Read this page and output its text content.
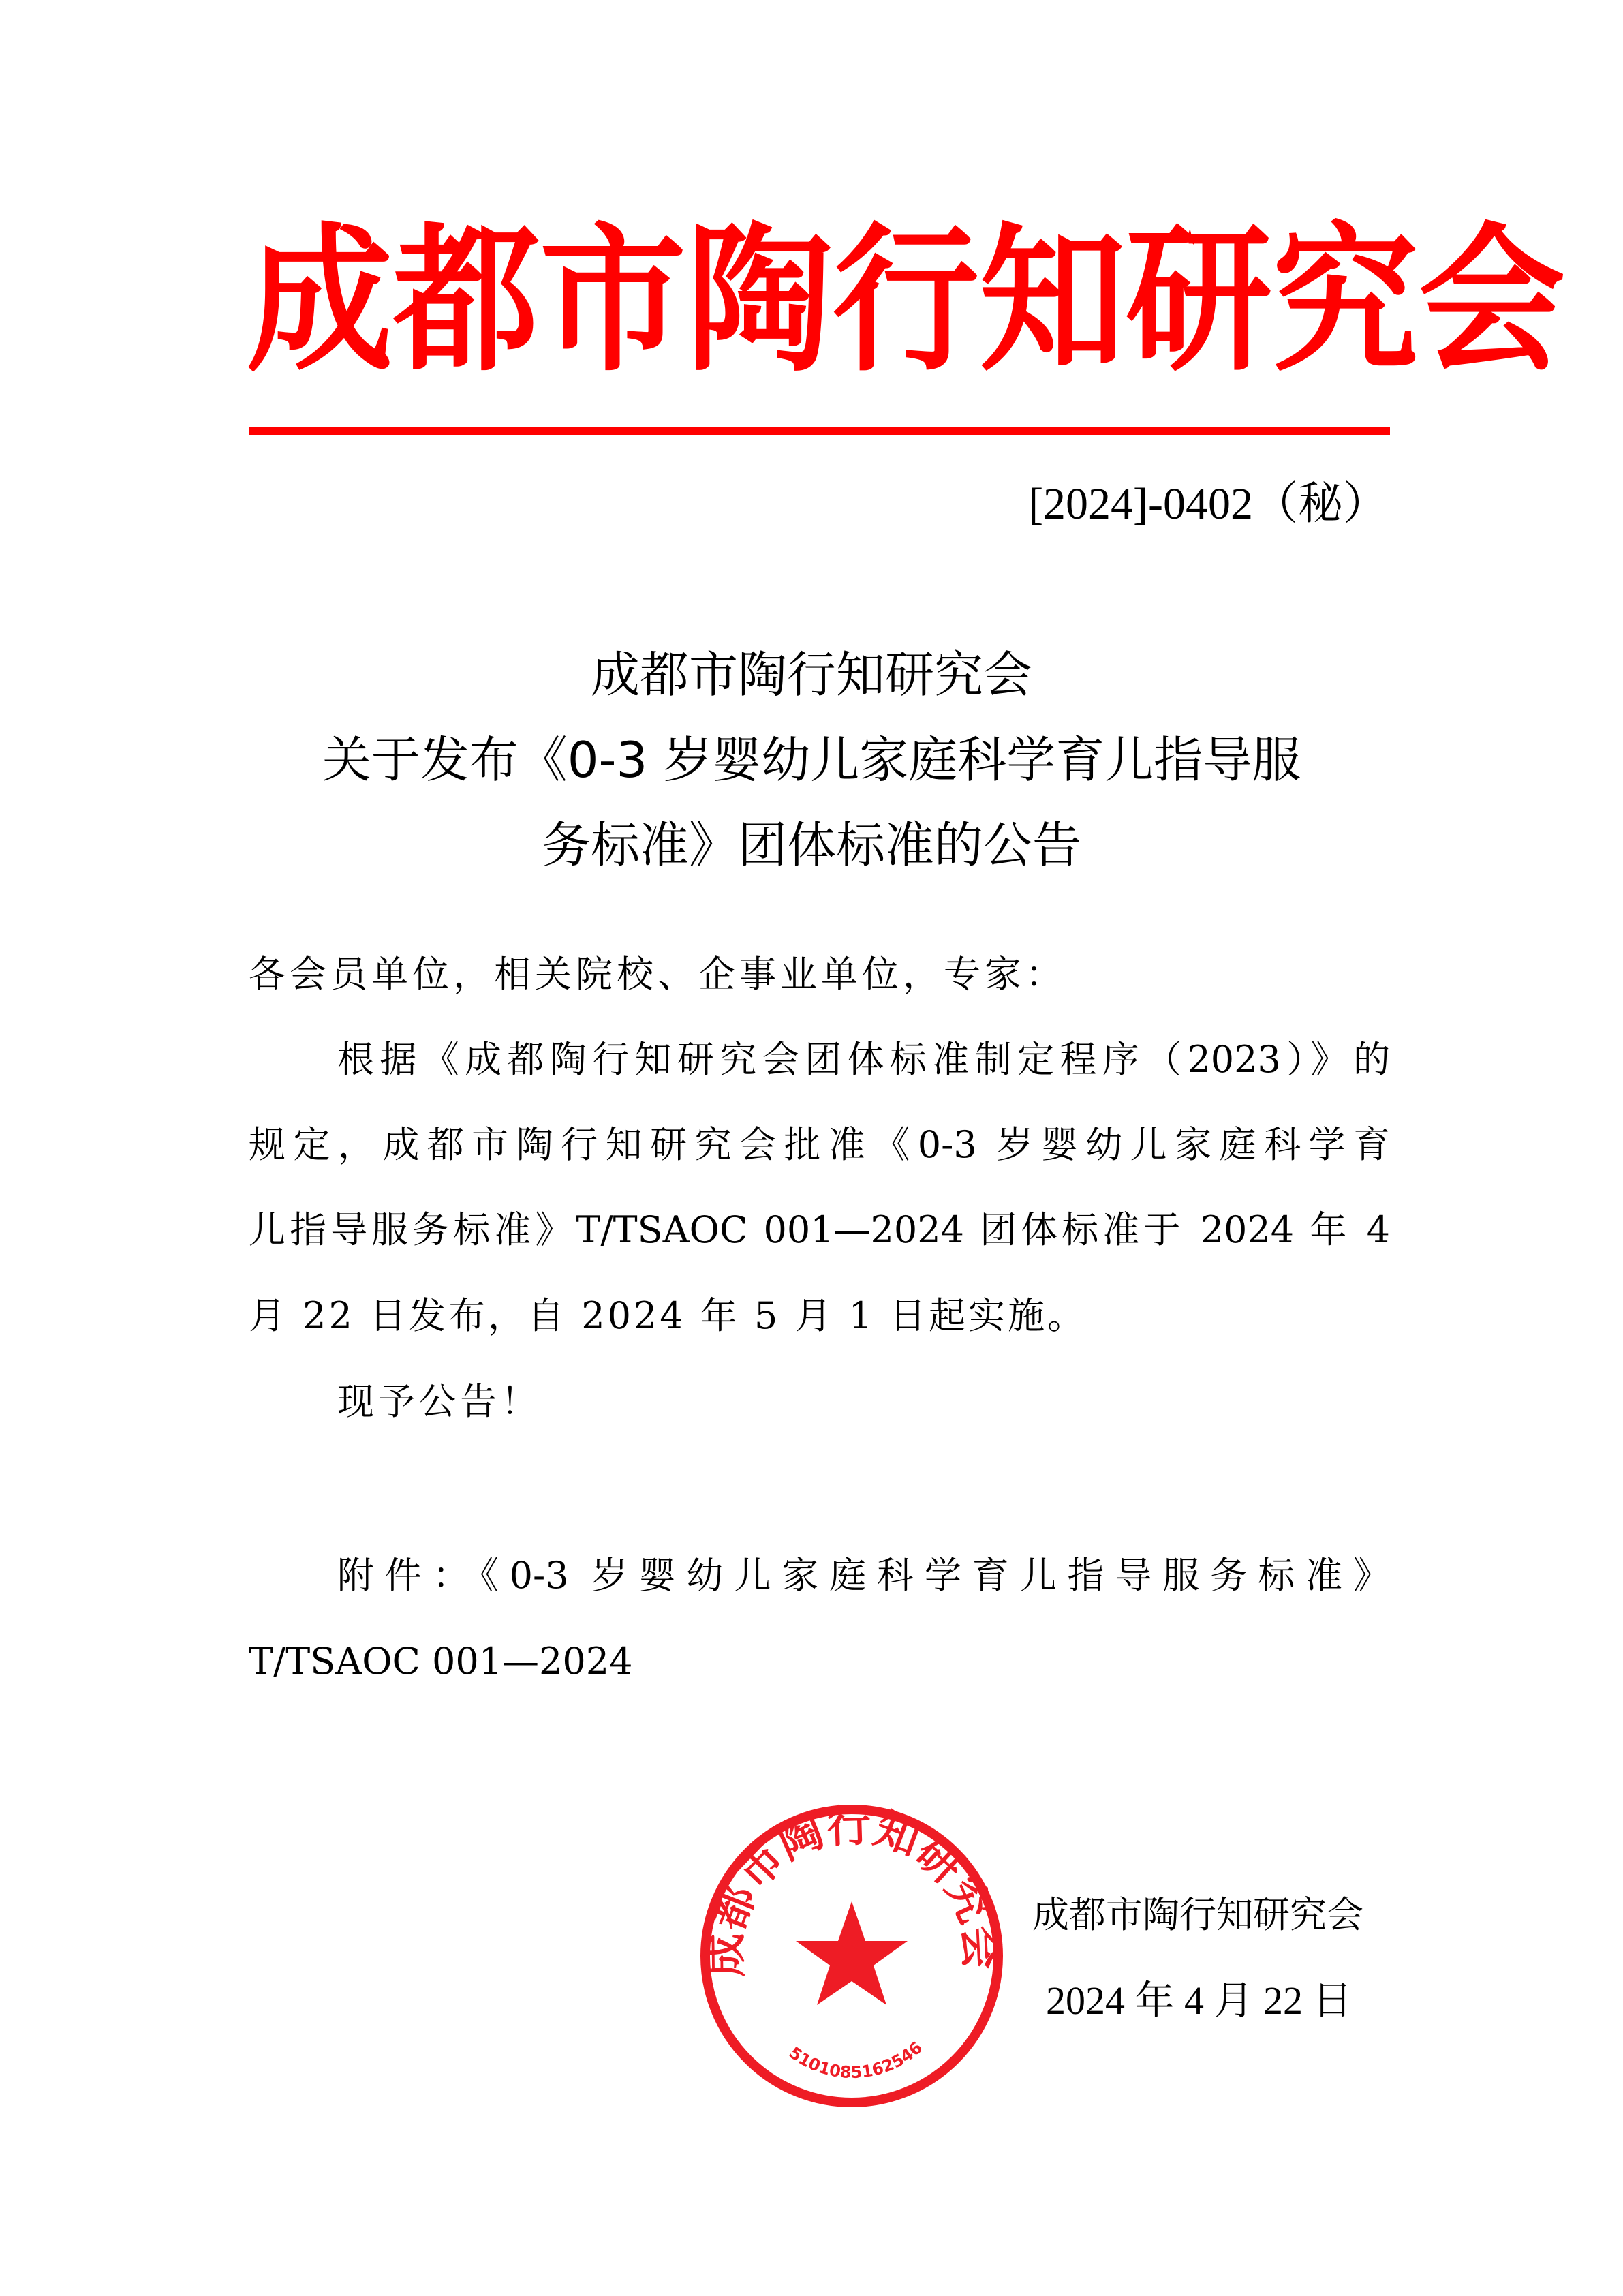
成 都 市 陶 行 知 研 究 会
[2024]-0402（秘）
成都市陶行知研究会
关于发布《0-3 岁婴幼儿家庭科学育儿指导服
务标准》团体标准的公告
各会员单位，相关院校、企事业单位，专家：
根据《成都陶行知研究会团体标准制定程序（2023）》的
规定，成都市陶行知研究会批准《0-3 岁婴幼儿家庭科学育
儿指导服务标准》T/TSAOC 001—2024 团体标准于 2024 年 4
月 22 日发布，自 2024 年 5 月 1 日起实施。
现予公告！
附件：《0-3 岁婴幼儿家庭科学育儿指导服务标准》
T/TSAOC 001—2024
成都市陶行知研究会
5101085162546
成都市陶行知研究会
2024 年 4 月 22 日
